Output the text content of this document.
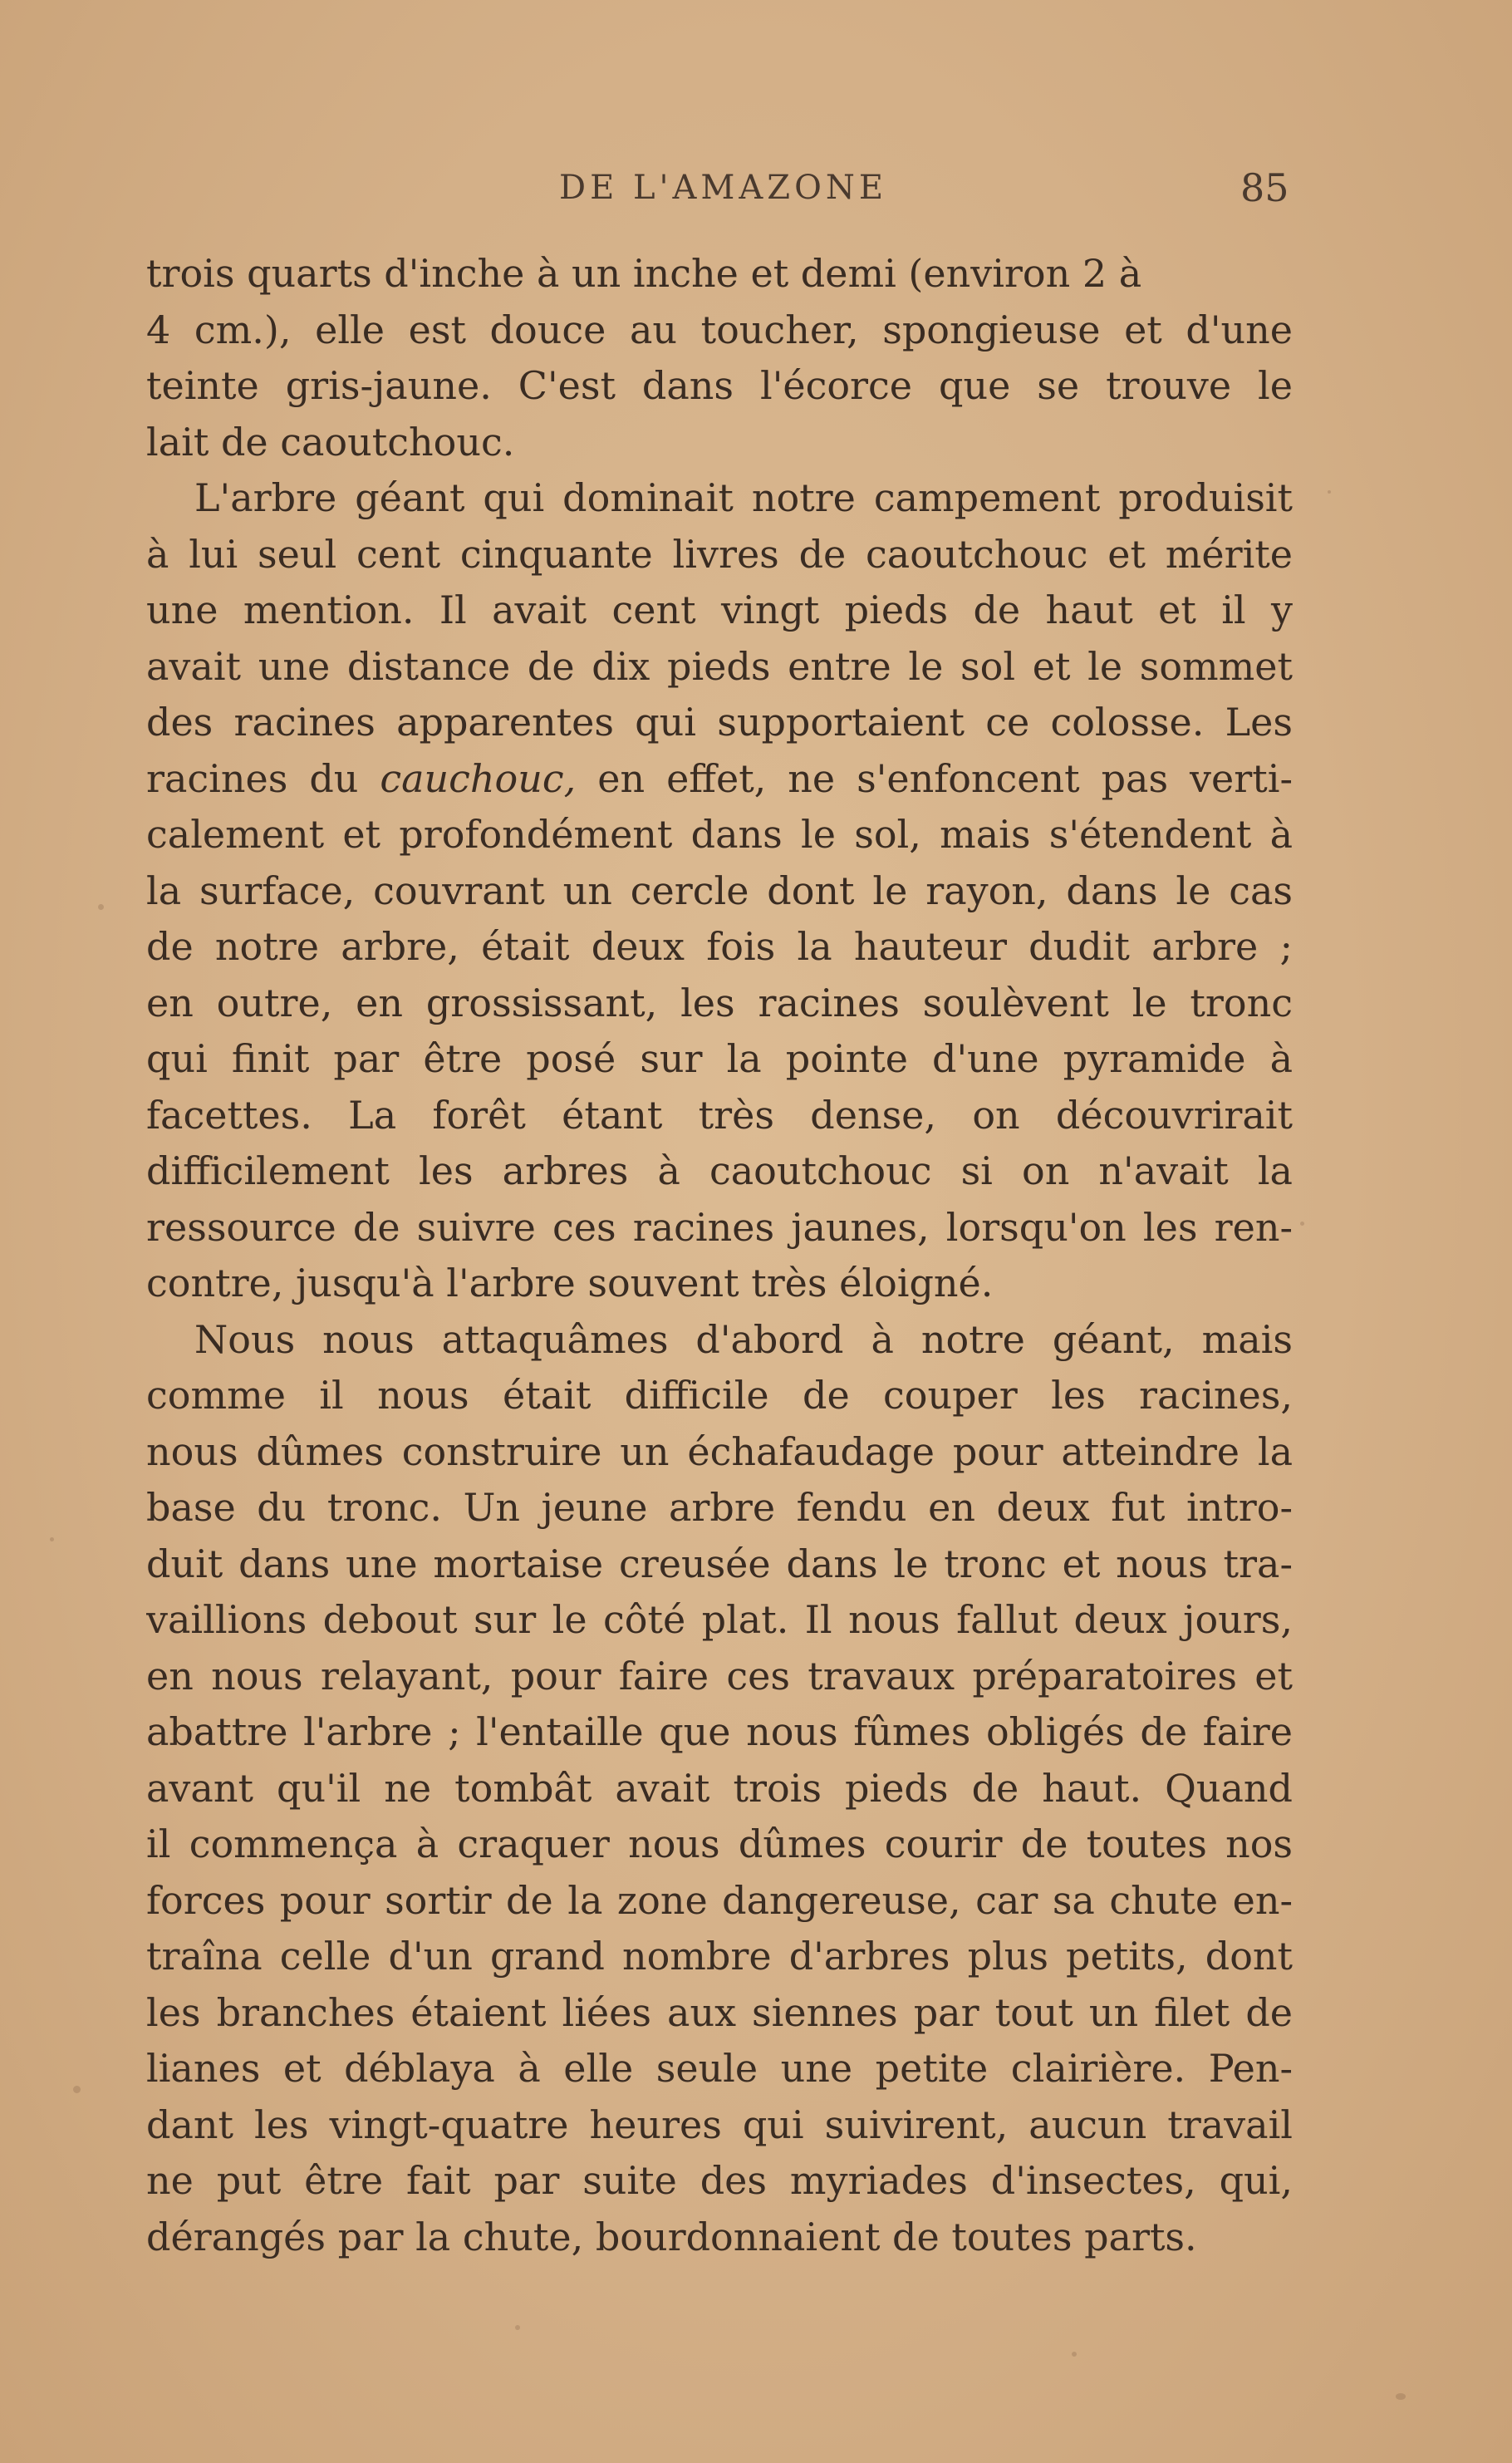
DE L'AMAZONE	85
trois quarts d'inche à un inche et demi (environ 2 à
4 cm.), elle est douce au toucher, spongieuse et d'une
teinte gris-jaune. C'est dans l'écorce que se trouve le
lait de caoutchouc.
L'arbre géant qui dominait notre campement produisit
à lui seul cent cinquante livres de caoutchouc et mérite
une mention. Il avait cent vingt pieds de haut et il y
avait une distance de dix pieds entre le sol et le sommet
des racines apparentes qui supportaient ce colosse. Les
racines du cauchouc, en effet, ne s'enfoncent pas verti-
calement et profondément dans le sol, mais s'étendent à
la surface, couvrant un cercle dont le rayon, dans le cas
de notre arbre, était deux fois la hauteur dudit arbre ;
en outre, en grossissant, les racines soulèvent le tronc
qui finit par être posé sur la pointe d'une pyramide à
facettes. La forêt étant très dense, on découvrirait
difficilement les arbres à caoutchouc si on n'avait la
ressource de suivre ces racines jaunes, lorsqu'on les ren-
contre, jusqu'à l'arbre souvent très éloigné.
Nous nous attaquâmes d'abord à notre géant, mais
comme il nous était difficile de couper les racines,
nous dûmes construire un échafaudage pour atteindre la
base du tronc. Un jeune arbre fendu en deux fut intro-
duit dans une mortaise creusée dans le tronc et nous tra-
vaillions debout sur le côté plat. Il nous fallut deux jours,
en nous relayant, pour faire ces travaux préparatoires et
abattre l'arbre ; l'entaille que nous fûmes obligés de faire
avant qu'il ne tombât avait trois pieds de haut. Quand
il commença à craquer nous dûmes courir de toutes nos
forces pour sortir de la zone dangereuse, car sa chute en-
traîna celle d'un grand nombre d'arbres plus petits, dont
les branches étaient liées aux siennes par tout un filet de
lianes et déblaya à elle seule une petite clairière. Pen-
dant les vingt-quatre heures qui suivirent, aucun travail
ne put être fait par suite des myriades d'insectes, qui,
dérangés par la chute, bourdonnaient de toutes parts.
